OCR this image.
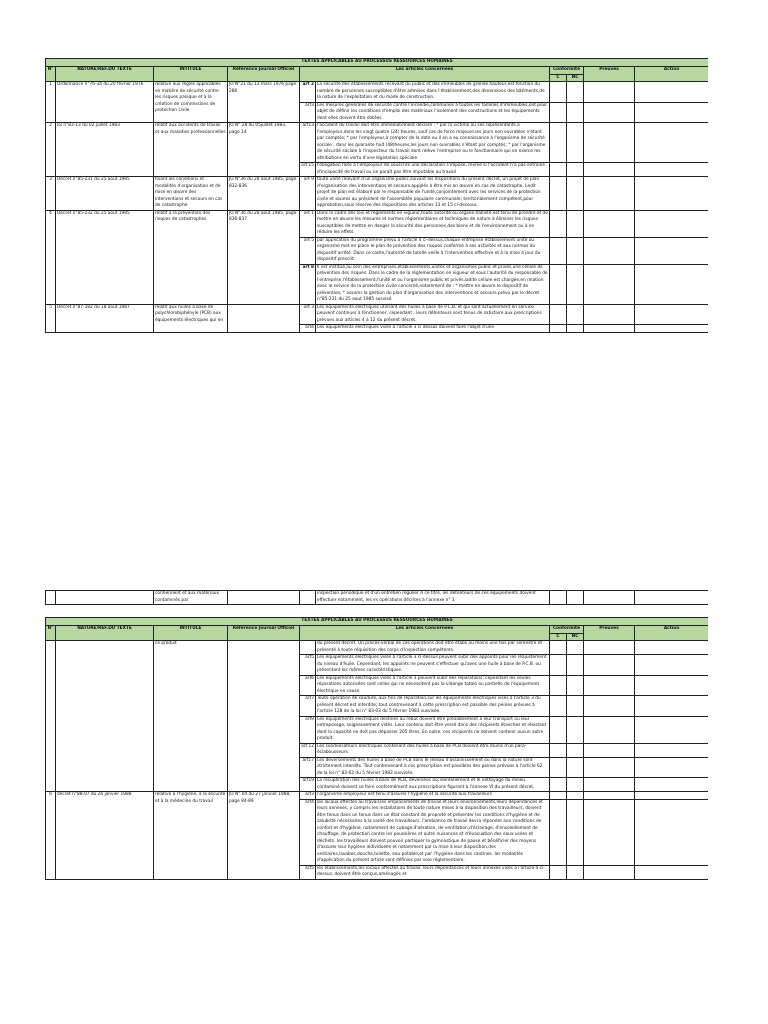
TEXTES APPLICABLES AU PROCESSUS RESSOURCES HUMAINES									
N°	NATURE/REF.DU TEXTE	INTITULE	Référence Journal Officiel	Les articles Concernées		Conformité		Preuves	Action
						C	NC		
1	Ordonnance n°76-34 du 20 février 1976	relative aux règles applicables en matière de sécurité contre les risques panique et à la création de commissions de protection civile	JO N°21 du 12 mars 1976 page 286	art 2	La sécurité des établissements recevant du public et des immeubles de grande hauteur,est fonction du nombre de personnes susceptibles d'être admises dans l'établissement,des dimensions des bâtiments,de la nature de l'exploitation et du mode de construction.				
				art3	Les mesures générales de sécurité contre l'incendie,communes à toutes les familles d'immeubles,ont pour objet de définir les conditions d'emploi des matériaux l'isolement des constructions et les équipements dont elles doivent être dotées.				
2	loi n°83-13 du 02 juillet 1983	relatif aux accidents de travail et aux maladies professionnelles	JO N° 28 du 05juillet 1983, page 14	art13	l'accident du travail doit être immédiatement déclaré : * par la victime ou ses représentants,à l'employeur,dans les vingt quatre (24) heures, sauf cas de force majeure,les jours non ouvrables n'étant par comptés; * par l'employeur,à compter de la date ou il en a eu connaissance à l'organisme de sécurité sociale , dans les quarante huit (48)heures,les jours non ouvrables n'étant par comptés; * par l'organisme de sécurité sociale à l'inspecteur du travail dont relève l'entreprise ou le fonctionnaire qui en exerce les attributions en vertu d'une législation spéciale				
				art 15	l'obligation faite à l'employeur de souscrire une déclaration s'impose, meme si l'accident n'a pas entrainé d'incapacité de travail ou ne paraît pas être imputable au travail				
3	Décret n°85-231 du 25 aout 1985	fixant les conditions et modalités d'organisation et de mise en œuvre des interventions et secours en cas de catastrophe	JO N°36 du 28 aout 1985, page 832-836	art 9	toute unité relevant d'un organisme public,suivant les dispositions du présent décret, un projet de plan d'organisation des interventions et secours appplés à être mis en œuvre en cas de catastrophe. Ledit projet de plan est élaboré par le responsable de l'unité,conjointement avec les services de la protection civile et soumis au président de l'assemblée populaire communale; territorialement compétent,pour approbation,sous réserve des dispositions des articles 13 et 15 ci-dessous.				
4	Décret n°85-232 du 25 aout 1985	relatif à la prévention des risques de catastrophes	JO N°36 du 28 aout 1985, page 836-837	art 1	Dans le cadre des lois et règlements en vigueur,toute autorité ou organe habilité est tenu de prendre et de mettre en œuvre les mesures et normes réglementaires et techniques de nature à éliminer les risques susceptibles de mettre en danger la sécurité des personnes,des biens et de l'environnement ou à en réduire les effets.				
				art 5	par application du programme prévu à l'article 4 ci-dessus,chaque entreprise établissement unité ou organisme met en place le plan de prévention des risques conforme à ses activités et aux normes du dispositif arrêté. Dans ce cadre,l'autorité de tutelle veille à l'intervention effective et à la mise à jour du dispositif prescrit.				
				art 8	Il est institué,au sein des entreprises,établissements,unités et organismes public et privés,une cellule de prévention des risques. Dans le cadre de la réglementation en vigueur et sous l'autorité du responsable de l'entreprise,l'établissement,l'unité et ou l'organisme public et privés,ladite cellule est chargée,en relation avec le service de la protection civile concerné,notamment de : * mettre en œuvre le dispositif de prévention, * assurer la gestion du plan d'organisation des interventions et secours prévu par le décret n°85-231 du 25 aout 1985 susvisé.				
5	Décret n°87-182 du 18 aout 1987	relatif aux huiles à base de polychlorobiphényle (PCB) aux équipements électriques qui en		art 3	Les équipements électriques utilisant des huiles à base de P.C.B. et qui sont actuellement en service peuvent continuer à fonctionner, cependant , leurs détenteurs sont tenus de satisfaire aux prescriptions prévues aux articles 4 à 12 du présent décret.				
				art4	Les équipements électriques visés à l'article 3 ci dessus doivent faire l'objet d'une				
		contiennent et aux matériaux contaminés par			inspection périodique et d'un entretien régulier A ce titre, les détenteurs de ces équipements doivent effectuer notamment, les es opérations décrites à l'annexe n° 1				
TEXTES APPLICABLES AU PROCESSUS RESSOURCES HUMAINES									
N°	NATURE/REF.DU TEXTE	INTITULE	Référence Journal Officiel	Les articles Concernées		Conformité		Preuves	Action
						C	NC		
		ce produit			du présent décret. Un procès-verbal de ces opérations doit être établi au moins une fois par semestre et présenté à toute réquisition des corps d'inspection compétents.				
				art5	Les équipements électriques visés à l'article 3 ci-dessus peuvent subir des appoints pour les réajustement du niveau d'huile. Cependant, les appoints ne peuvent s'effectuer qu'avec une huile à base de P.C.B. ou présentant les mêmes caractéristiques.				
				art6	Les équipements électriques visés à l'article 3 peuvent subir des réparations; cependant les seules réparations autorisées sont celles qui ne nécessitent pas la vidange totale ou partielle de l'équipement électrique en cause.				
				art7	Toute opération de soudure, aux fins de réparation,sur les équipements électriques visés à l'article 3 du présent décret est interdite; tout contrevenant à cette prescription est passible des peines prévues à l'article 128 de la loi n° 83-03 du 5 février 1983 susvisée.				
				art9	Les équipements électriques destinés au rebut doivent être préalablement à leur transport ou leur entreposage, soigneusement vidés. Leur contenu doit être versé dans des récipients étanches et résistant dont la capacité ne doit pas dépasser 205 litres. En outre, ces récipients ne doivent contenir aucun autre produit.				
				art 12	Les condensateurs électriques contenant des huiles à base de PCB doivent être munis d'un para-éclabousseurs.				
				art17	Les déversements des huiles à base de PCB dans le réseau d'assainissement ou dans la nature sont strictement interdits. Tout contrevenant à ces prescription est passibles des peines prévues à l'article 62 de la loi n° 83-03 du 5 février 1983 susvisée.				
				art19	La récupération des huiles à base de PCB, déversées accidentellement et le nettoyage du milieu contaminé doivent se faire conformément aux prescriptions figurant à l'annexe VI du présent décret.				
6	décret n°88-07 du 26 janvier 1988	relative à l'hygiène, à la sécurité et à la médecine du travail	JO N° 04 du 27 janvier 1988, page 84-89	art3	l'organisme employeur est tenu d'assurer l'hygiène et la sécurité aux travailleurs				
				art4	les locaux affectés au travail,les emplacements de travail et leurs environnements,leurs dépendances et leurs annexes, y compris les installations de toute nature mises à la disposition des travailleurs, doivent être tenus dans un tenus dans un état constant de propreté et présenter les conditions d'hygiène et de salubrité nécessaires à la santé des travailleurs. l'ambiance de travail devra répondre aux conditions de confort et d'hygiène, notamment de cubage,d'aération, de ventilation,d'éclairage, d'ensoleillement de chauffage, de protection contre les poussières et autre nuisances et d'évacuation des eaux usées et déchets. les travailleurs doivent pouvoir partiquer la gymnastique de pause et bénéficier des moyens d'assurer leur hygiène individuelle et notamment par la mise à leur disposition,des vestiaires,lavabos,douche,toilette, eau potable,et par l'hygiène dans les cantines. les modalités d'application du présent article sont définies par voie réglementaire.				
				art5	les établissements,les locaux affectés au travail, leurs dépendances et leurs annexes visés à l'article 4 ci-dessus, doivent être conçus,aménagés et				
